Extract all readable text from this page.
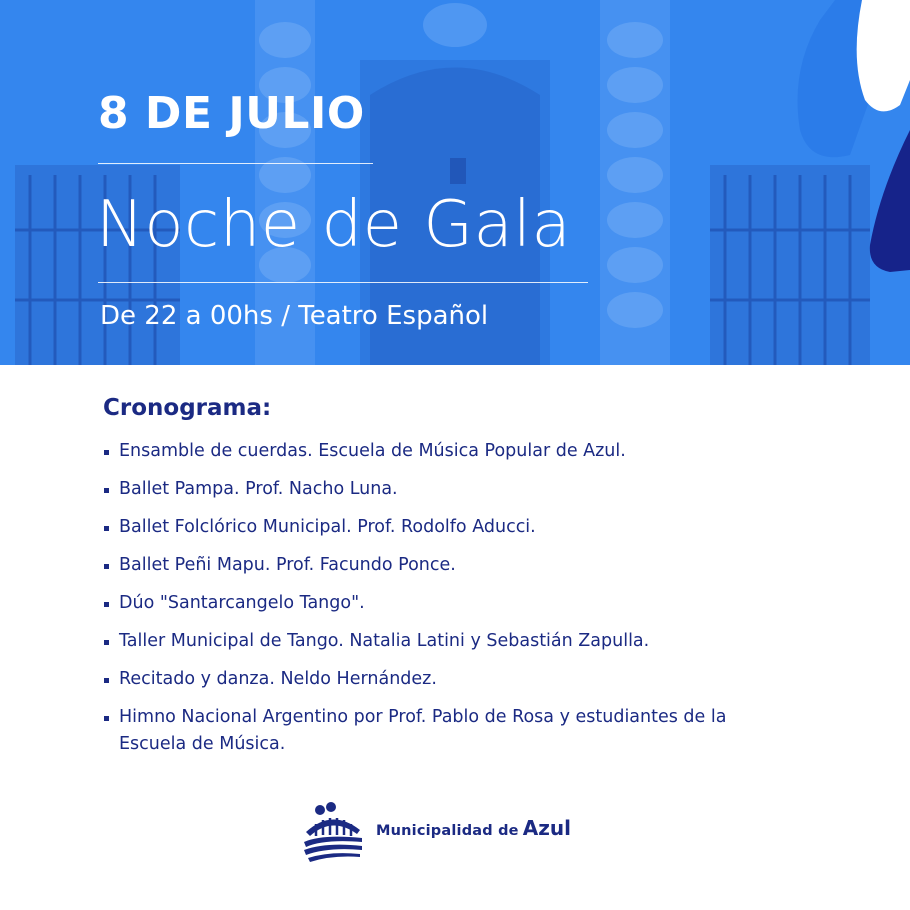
8 DE JULIO
Noche de Gala
De 22 a 00hs / Teatro Español
Cronograma:
Ensamble de cuerdas. Escuela de Música Popular de Azul.
Ballet Pampa. Prof. Nacho Luna.
Ballet Folclórico Municipal. Prof. Rodolfo Aducci.
Ballet Peñi Mapu. Prof. Facundo Ponce.
Dúo "Santarcangelo Tango".
Taller Municipal de Tango. Natalia Latini y Sebastián Zapulla.
Recitado y danza. Neldo Hernández.
Himno Nacional Argentino por Prof. Pablo de Rosa y estudiantes de la Escuela de Música.
Municipalidad de Azul
